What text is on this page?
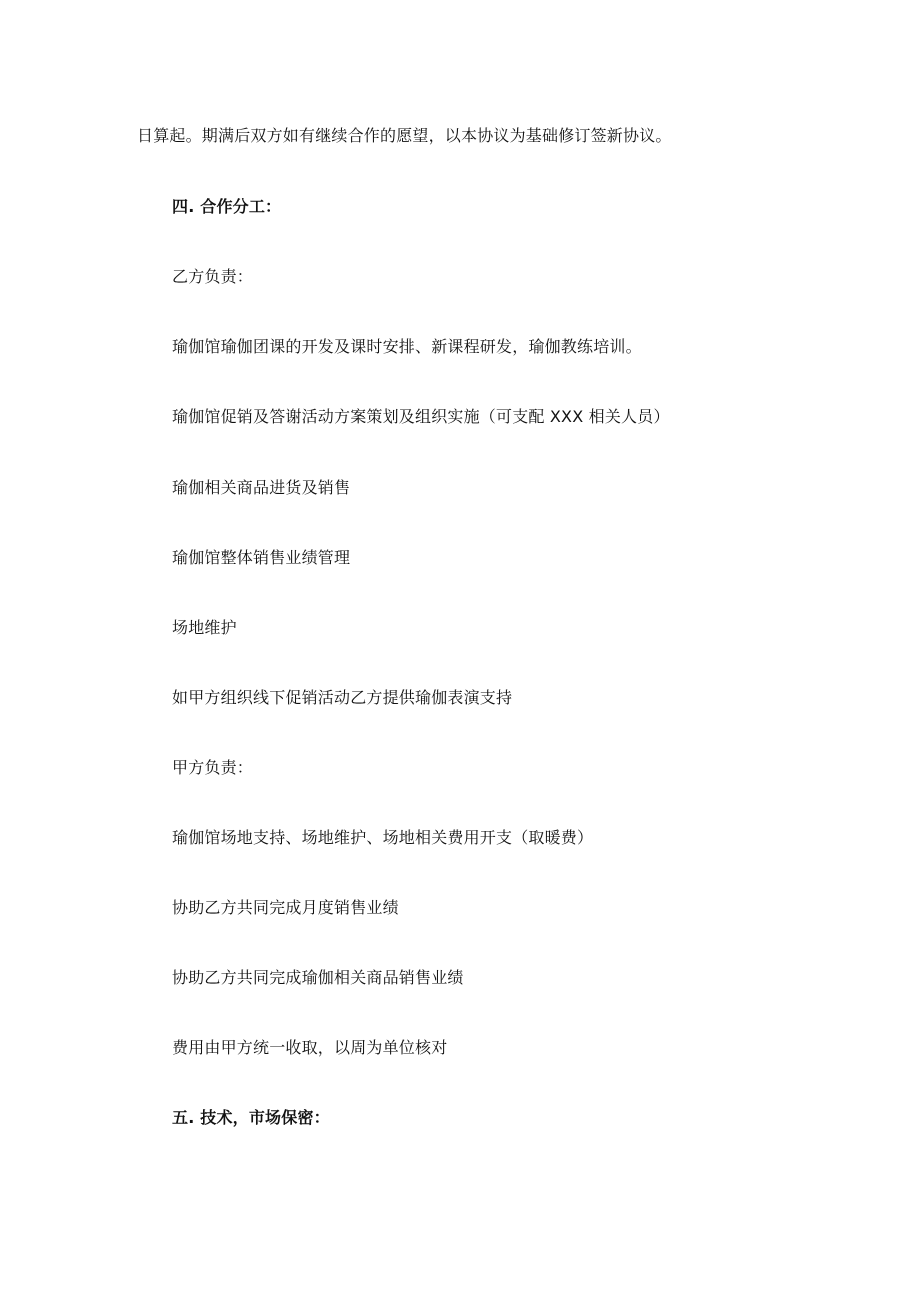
日算起。期满后双方如有继续合作的愿望，以本协议为基础修订签新协议。
四. 合作分工：
乙方负责：
瑜伽馆瑜伽团课的开发及课时安排、新课程研发，瑜伽教练培训。
瑜伽馆促销及答谢活动方案策划及组织实施（可支配 XXX 相关人员）
瑜伽相关商品进货及销售
瑜伽馆整体销售业绩管理
场地维护
如甲方组织线下促销活动乙方提供瑜伽表演支持
甲方负责：
瑜伽馆场地支持、场地维护、场地相关费用开支（取暖费）
协助乙方共同完成月度销售业绩
协助乙方共同完成瑜伽相关商品销售业绩
费用由甲方统一收取，以周为单位核对
五. 技术，市场保密：
